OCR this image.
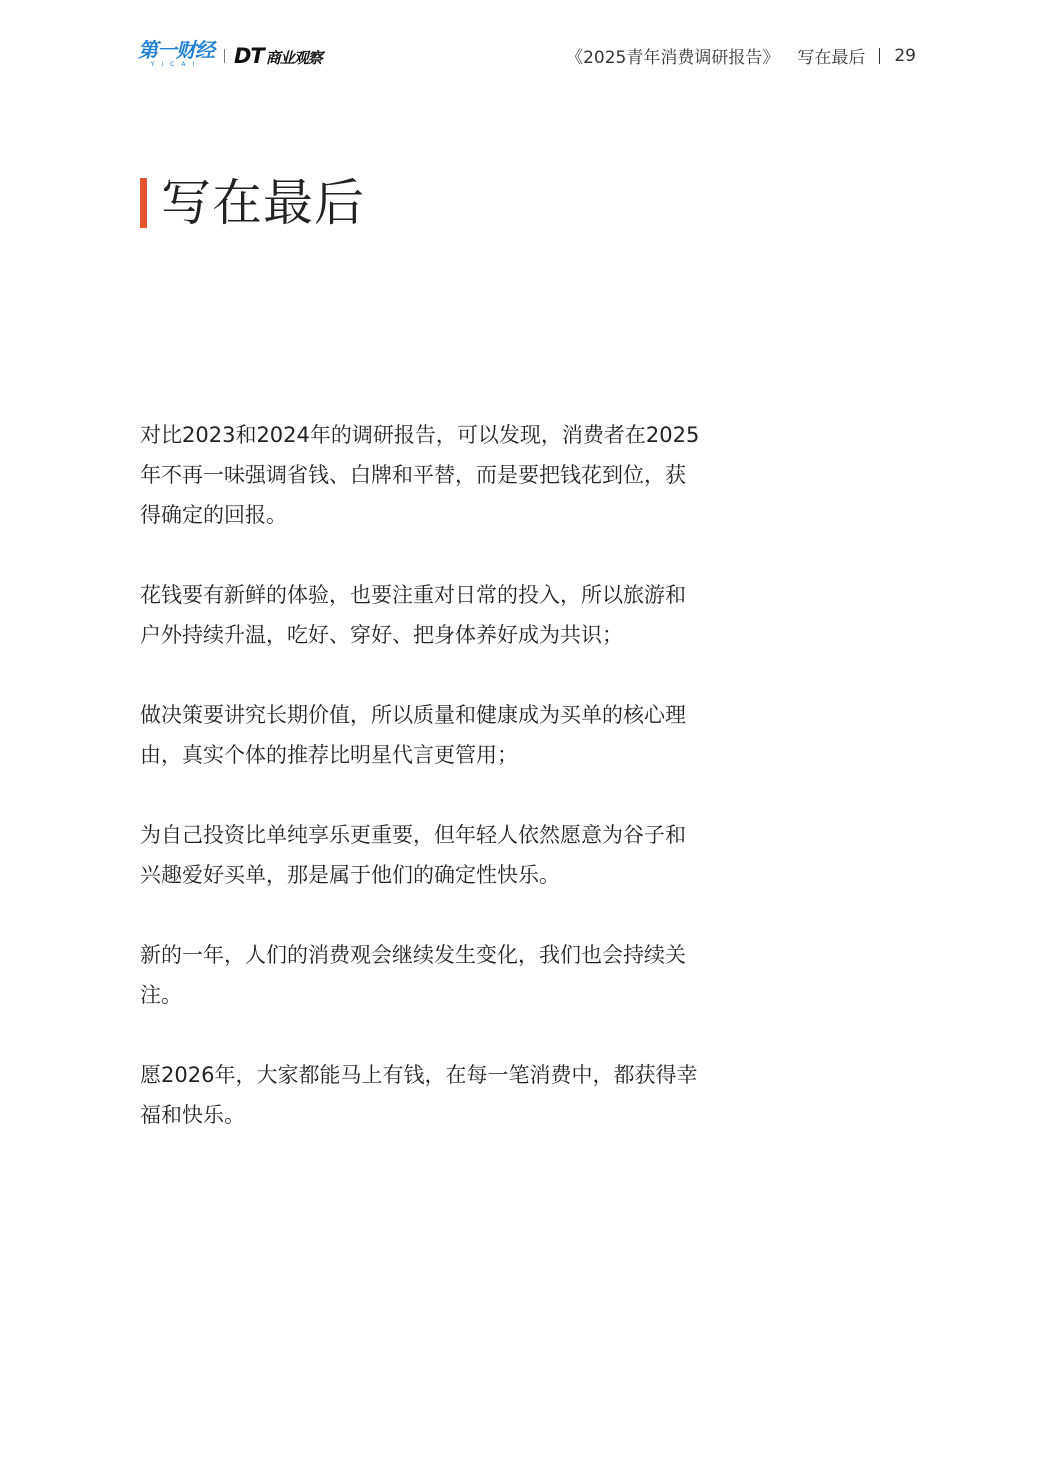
第一财经
YICAI DT 商业观察	《2025青年消费调研报告》 写在最后 29
写在最后

对比2023和2024年的调研报告，可以发现，消费者在2025年不再一味强调省钱、白牌和平替，而是要把钱花到位，获得确定的回报。

花钱要有新鲜的体验，也要注重对日常的投入，所以旅游和户外持续升温，吃好、穿好、把身体养好成为共识；

做决策要讲究长期价值，所以质量和健康成为买单的核心理由，真实个体的推荐比明星代言更管用；

为自己投资比单纯享乐更重要，但年轻人依然愿意为谷子和兴趣爱好买单，那是属于他们的确定性快乐。

新的一年，人们的消费观会继续发生变化，我们也会持续关注。

愿2026年，大家都能马上有钱，在每一笔消费中，都获得幸福和快乐。
